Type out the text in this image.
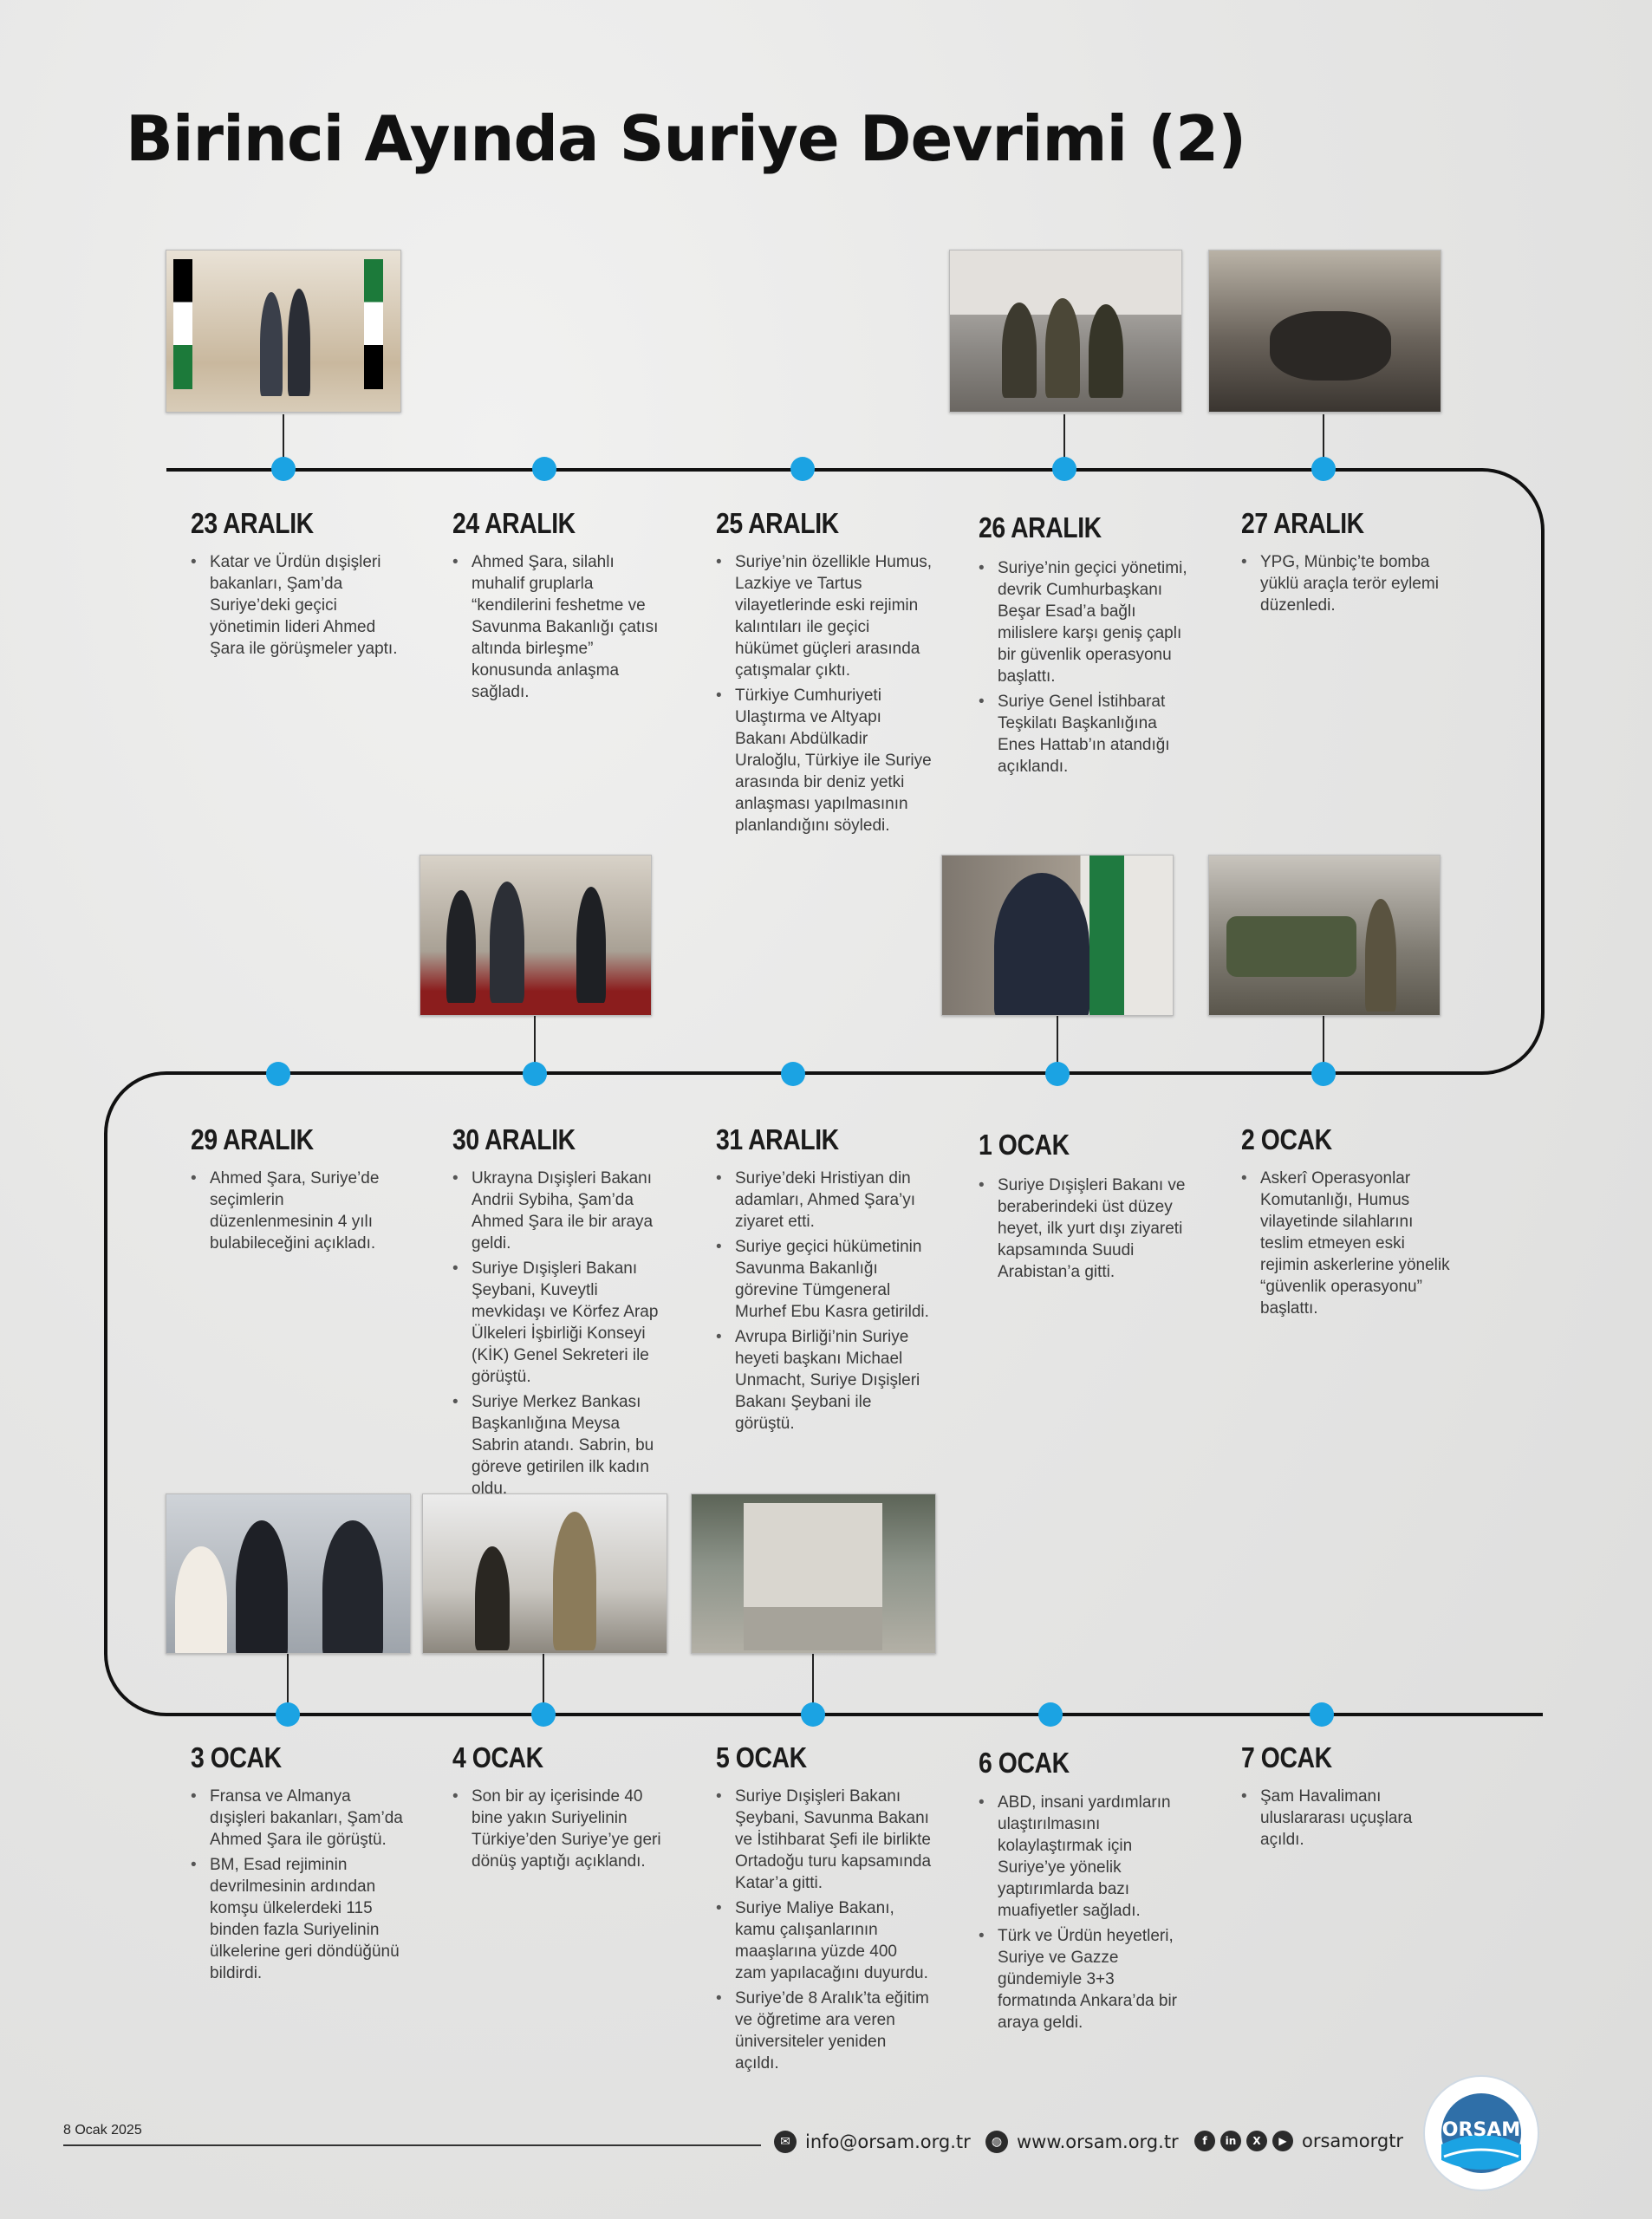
Birinci Ayında Suriye Devrimi (2)
23 ARALIK
• Katar ve Ürdün dışişleri bakanları, Şam’da Suriye’deki geçici yönetimin lideri Ahmed Şara ile görüşmeler yaptı.
24 ARALIK
• Ahmed Şara, silahlı muhalif gruplarla “kendilerini feshetme ve Savunma Bakanlığı çatısı altında birleşme” konusunda anlaşma sağladı.
25 ARALIK
• Suriye’nin özellikle Humus, Lazkiye ve Tartus vilayetlerinde eski rejimin kalıntıları ile geçici hükümet güçleri arasında çatışmalar çıktı.
• Türkiye Cumhuriyeti Ulaştırma ve Altyapı Bakanı Abdülkadir Uraloğlu, Türkiye ile Suriye arasında bir deniz yetki anlaşması yapılmasının planlandığını söyledi.
26 ARALIK
• Suriye’nin geçici yönetimi, devrik Cumhurbaşkanı Beşar Esad’a bağlı milislere karşı geniş çaplı bir güvenlik operasyonu başlattı.
• Suriye Genel İstihbarat Teşkilatı Başkanlığına Enes Hattab’ın atandığı açıklandı.
27 ARALIK
• YPG, Münbiç’te bomba yüklü araçla terör eylemi düzenledi.
29 ARALIK
• Ahmed Şara, Suriye’de seçimlerin düzenlenmesinin 4 yılı bulabileceğini açıkladı.
30 ARALIK
• Ukrayna Dışişleri Bakanı Andrii Sybiha, Şam’da Ahmed Şara ile bir araya geldi.
• Suriye Dışişleri Bakanı Şeybani, Kuveytli mevkidaşı ve Körfez Arap Ülkeleri İşbirliği Konseyi (KİK) Genel Sekreteri ile görüştü.
• Suriye Merkez Bankası Başkanlığına Meysa Sabrin atandı. Sabrin, bu göreve getirilen ilk kadın oldu.
31 ARALIK
• Suriye’deki Hristiyan din adamları, Ahmed Şara’yı ziyaret etti.
• Suriye geçici hükümetinin Savunma Bakanlığı görevine Tümgeneral Murhef Ebu Kasra getirildi.
• Avrupa Birliği’nin Suriye heyeti başkanı Michael Unmacht, Suriye Dışişleri Bakanı Şeybani ile görüştü.
1 OCAK
• Suriye Dışişleri Bakanı ve beraberindeki üst düzey heyet, ilk yurt dışı ziyareti kapsamında Suudi Arabistan’a gitti.
2 OCAK
• Askerî Operasyonlar Komutanlığı, Humus vilayetinde silahlarını teslim etmeyen eski rejimin askerlerine yönelik “güvenlik operasyonu” başlattı.
3 OCAK
• Fransa ve Almanya dışişleri bakanları, Şam’da Ahmed Şara ile görüştü.
• BM, Esad rejiminin devrilmesinin ardından komşu ülkelerdeki 115 binden fazla Suriyelinin ülkelerine geri döndüğünü bildirdi.
4 OCAK
• Son bir ay içerisinde 40 bine yakın Suriyelinin Türkiye’den Suriye’ye geri dönüş yaptığı açıklandı.
5 OCAK
• Suriye Dışişleri Bakanı Şeybani, Savunma Bakanı ve İstihbarat Şefi ile birlikte Ortadoğu turu kapsamında Katar’a gitti.
• Suriye Maliye Bakanı, kamu çalışanlarının maaşlarına yüzde 400 zam yapılacağını duyurdu.
• Suriye’de 8 Aralık’ta eğitim ve öğretime ara veren üniversiteler yeniden açıldı.
6 OCAK
• ABD, insani yardımların ulaştırılmasını kolaylaştırmak için Suriye’ye yönelik yaptırımlarda bazı muafiyetler sağladı.
• Türk ve Ürdün heyetleri, Suriye ve Gazze gündemiyle 3+3 formatında Ankara’da bir araya geldi.
7 OCAK
• Şam Havalimanı uluslararası uçuşlara açıldı.
8 Ocak 2025
✉ info@orsam.org.tr	◍ www.orsam.org.tr	f	in	X	▶ orsamorgtr ORSAM
